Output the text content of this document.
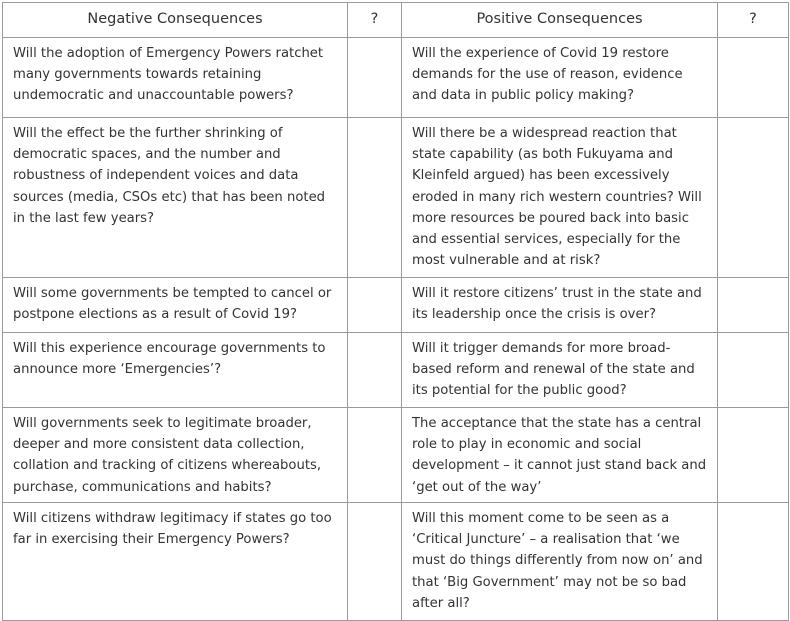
Negative Consequences	?	Positive Consequences	?
Will the adoption of Emergency Powers ratchet many governments towards retaining undemocratic and unaccountable powers?		Will the experience of Covid 19 restore demands for the use of reason, evidence and data in public policy making?	
Will the effect be the further shrinking of democratic spaces, and the number and robustness of independent voices and data sources (media, CSOs etc) that has been noted in the last few years?		Will there be a widespread reaction that state capability (as both Fukuyama and Kleinfeld argued) has been excessively eroded in many rich western countries? Will more resources be poured back into basic and essential services, especially for the most vulnerable and at risk?	
Will some governments be tempted to cancel or postpone elections as a result of Covid 19?		Will it restore citizens’ trust in the state and its leadership once the crisis is over?	
Will this experience encourage governments to announce more ‘Emergencies’?		Will it trigger demands for more broad-based reform and renewal of the state and its potential for the public good?	
Will governments seek to legitimate broader, deeper and more consistent data collection, collation and tracking of citizens whereabouts, purchase, communications and habits?		The acceptance that the state has a central role to play in economic and social development – it cannot just stand back and ‘get out of the way’	
Will citizens withdraw legitimacy if states go too far in exercising their Emergency Powers?		Will this moment come to be seen as a ‘Critical Juncture’ – a realisation that ‘we must do things differently from now on’ and that ‘Big Government’ may not be so bad after all?	
